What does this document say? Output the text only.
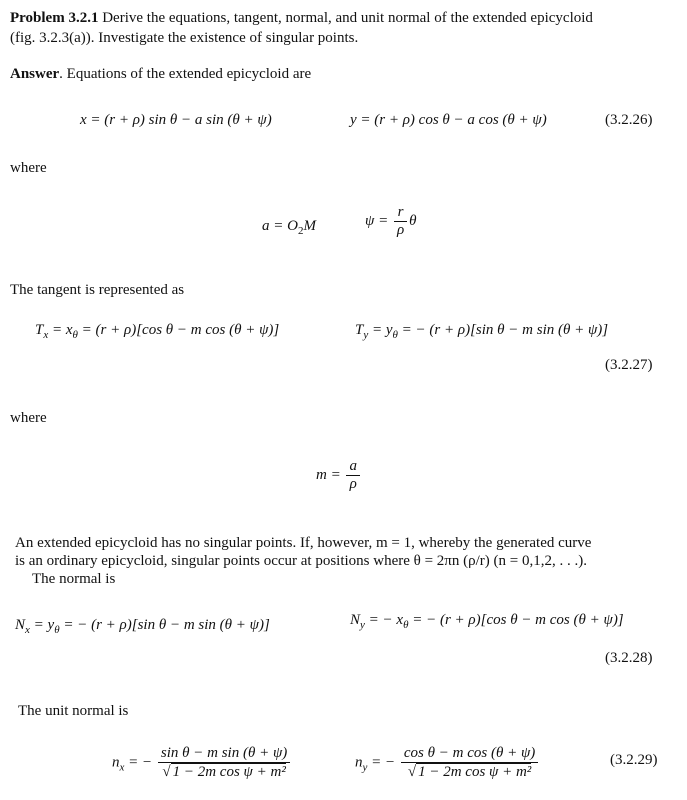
Problem 3.2.1 Derive the equations, tangent, normal, and unit normal of the extended epicycloid
(fig. 3.2.3(a)). Investigate the existence of singular points.
Answer. Equations of the extended epicycloid are
x = (r + ρ) sin θ − a sin (θ + ψ)	y = (r + ρ) cos θ − a cos (θ + ψ)	(3.2.26)
where
$a = O_2M$	$\psi = \frac{r}{\rho}$ θ
The tangent is represented as
$T_x = x_\theta = (r + \rho)[\cos$ θ − m cos (θ + ψ)]	$T_y = y_\theta$ = − (r + ρ)[sin θ − m sin (θ + ψ)]
(3.2.27)
where
$m = \frac{a}{\rho}$
An extended epicycloid has no singular points. If, however, m = 1, whereby the generated curve
is an ordinary epicycloid, singular points occur at positions where θ = 2πn (ρ/r) (n = 0,1,2, . . .).
The normal is
$N_x = y_\theta$ = − (r + ρ)[sin θ − m sin (θ + ψ)]	$N_y$ = − $x_\theta$ = − (r + ρ)[cos θ − m cos (θ + ψ)]
(3.2.28)
The unit normal is
$n_x$ = − $\frac{\text{sin θ − m sin (θ + ψ)}}{\text{√ 1 − 2m cos ψ + m²}}$	$n_y$ = − $\frac{\text{cos θ − m cos (θ + ψ)}}{\text{√ 1 − 2m cos ψ + m²}}$	(3.2.29)
